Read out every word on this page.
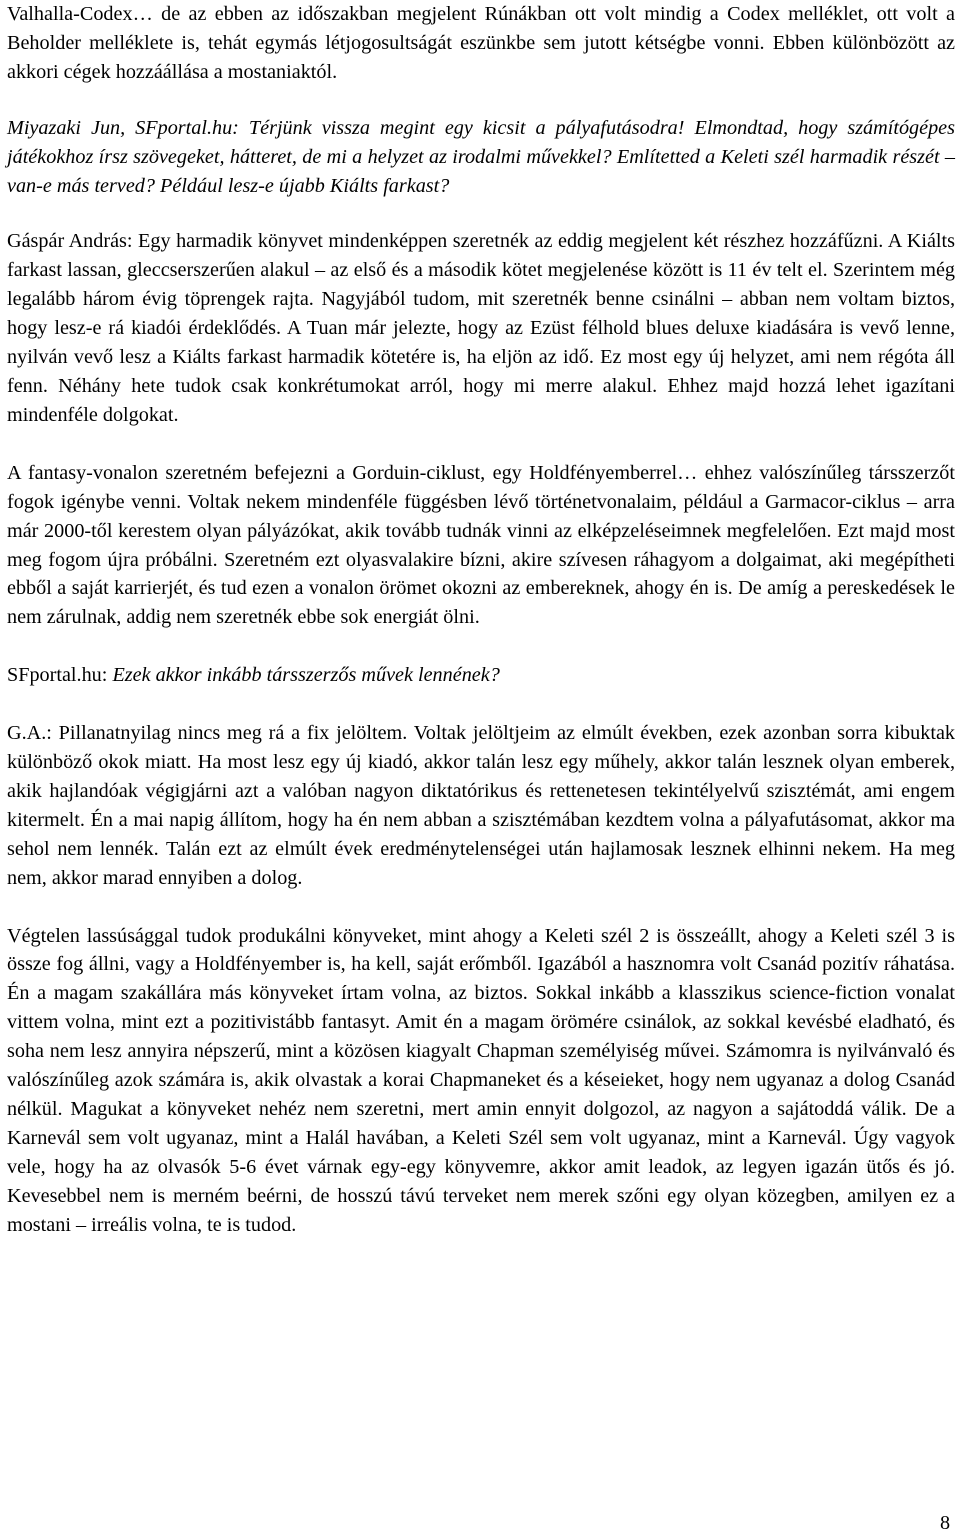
Valhalla-Codex… de az ebben az időszakban megjelent Rúnákban ott volt mindig a Codex melléklet, ott volt a Beholder melléklete is, tehát egymás létjogosultságát eszünkbe sem jutott kétségbe vonni. Ebben különbözött az akkori cégek hozzáállása a mostaniaktól.

Miyazaki Jun, SFportal.hu: Térjünk vissza megint egy kicsit a pályafutásodra! Elmondtad, hogy számítógépes játékokhoz írsz szövegeket, hátteret, de mi a helyzet az irodalmi művekkel? Említetted a Keleti szél harmadik részét – van-e más terved? Például lesz-e újabb Kiálts farkast?

Gáspár András: Egy harmadik könyvet mindenképpen szeretnék az eddig megjelent két részhez hozzáfűzni. A Kiálts farkast lassan, gleccserszerűen alakul – az első és a második kötet megjelenése között is 11 év telt el. Szerintem még legalább három évig töprengek rajta. Nagyjából tudom, mit szeretnék benne csinálni – abban nem voltam biztos, hogy lesz-e rá kiadói érdeklődés. A Tuan már jelezte, hogy az Ezüst félhold blues deluxe kiadására is vevő lenne, nyilván vevő lesz a Kiálts farkast harmadik kötetére is, ha eljön az idő. Ez most egy új helyzet, ami nem régóta áll fenn. Néhány hete tudok csak konkrétumokat arról, hogy mi merre alakul. Ehhez majd hozzá lehet igazítani mindenféle dolgokat.

A fantasy-vonalon szeretném befejezni a Gorduin-ciklust, egy Holdfényemberrel… ehhez valószínűleg társszerzőt fogok igénybe venni. Voltak nekem mindenféle függésben lévő történetvonalaim, például a Garmacor-ciklus – arra már 2000-től kerestem olyan pályázókat, akik tovább tudnák vinni az elképzeléseimnek megfelelően. Ezt majd most meg fogom újra próbálni. Szeretném ezt olyasvalakire bízni, akire szívesen ráhagyom a dolgaimat, aki megépítheti ebből a saját karrierjét, és tud ezen a vonalon örömet okozni az embereknek, ahogy én is. De amíg a pereskedések le nem zárulnak, addig nem szeretnék ebbe sok energiát ölni.

SFportal.hu: Ezek akkor inkább társszerzős művek lennének?

G.A.: Pillanatnyilag nincs meg rá a fix jelöltem. Voltak jelöltjeim az elmúlt években, ezek azonban sorra kibuktak különböző okok miatt. Ha most lesz egy új kiadó, akkor talán lesz egy műhely, akkor talán lesznek olyan emberek, akik hajlandóak végigjárni azt a valóban nagyon diktatórikus és rettenetesen tekintélyelvű szisztémát, ami engem kitermelt. Én a mai napig állítom, hogy ha én nem abban a szisztémában kezdtem volna a pályafutásomat, akkor ma sehol nem lennék. Talán ezt az elmúlt évek eredménytelenségei után hajlamosak lesznek elhinni nekem. Ha meg nem, akkor marad ennyiben a dolog.

Végtelen lassúsággal tudok produkálni könyveket, mint ahogy a Keleti szél 2 is összeállt, ahogy a Keleti szél 3 is össze fog állni, vagy a Holdfényember is, ha kell, saját erőmből. Igazából a hasznomra volt Csanád pozitív ráhatása. Én a magam szakállára más könyveket írtam volna, az biztos. Sokkal inkább a klasszikus science-fiction vonalat vittem volna, mint ezt a pozitivistább fantasyt. Amit én a magam örömére csinálok, az sokkal kevésbé eladható, és soha nem lesz annyira népszerű, mint a közösen kiagyalt Chapman személyiség művei. Számomra is nyilvánvaló és valószínűleg azok számára is, akik olvastak a korai Chapmaneket és a késeieket, hogy nem ugyanaz a dolog Csanád nélkül. Magukat a könyveket nehéz nem szeretni, mert amin ennyit dolgozol, az nagyon a sajátoddá válik. De a Karnevál sem volt ugyanaz, mint a Halál havában, a Keleti Szél sem volt ugyanaz, mint a Karnevál. Úgy vagyok vele, hogy ha az olvasók 5-6 évet várnak egy-egy könyvemre, akkor amit leadok, az legyen igazán ütős és jó. Kevesebbel nem is merném beérni, de hosszú távú terveket nem merek szőni egy olyan közegben, amilyen ez a mostani – irreális volna, te is tudod.

8
